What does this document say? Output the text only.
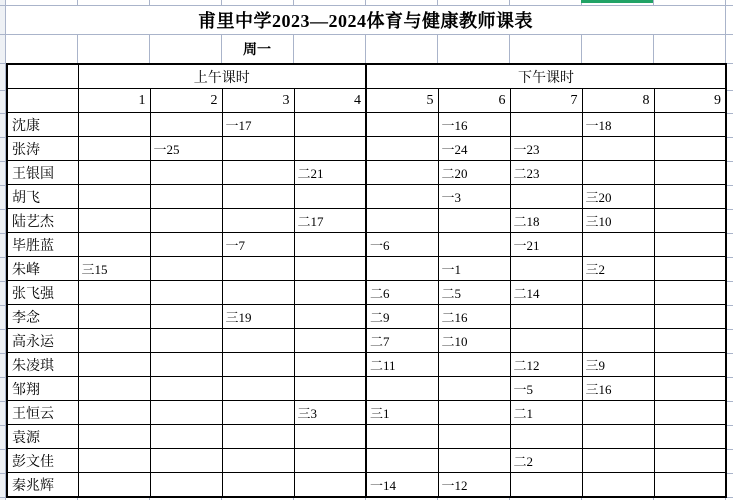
甫里中学2023—2024体育与健康教师课表
周一
	上午课时				下午课时				
	1	2	3	4	5	6	7	8	9
沈康			一17			一16		一18	
张涛		一25				一24	一23		
王银国				二21		二20	二23		
胡飞						一3		三20	
陆艺杰				二17			二18	三10	
毕胜蓝			一7		一6		一21		
朱峰	三15					一1		三2	
张飞强					二6	二5	二14		
李念			三19		二9	二16			
高永运					二7	二10			
朱凌琪					二11		二12	三9	
邹翔							一5	三16	
王恒云				三3	三1		二1		
袁源									
彭文佳							二2		
秦兆辉					一14	一12			
